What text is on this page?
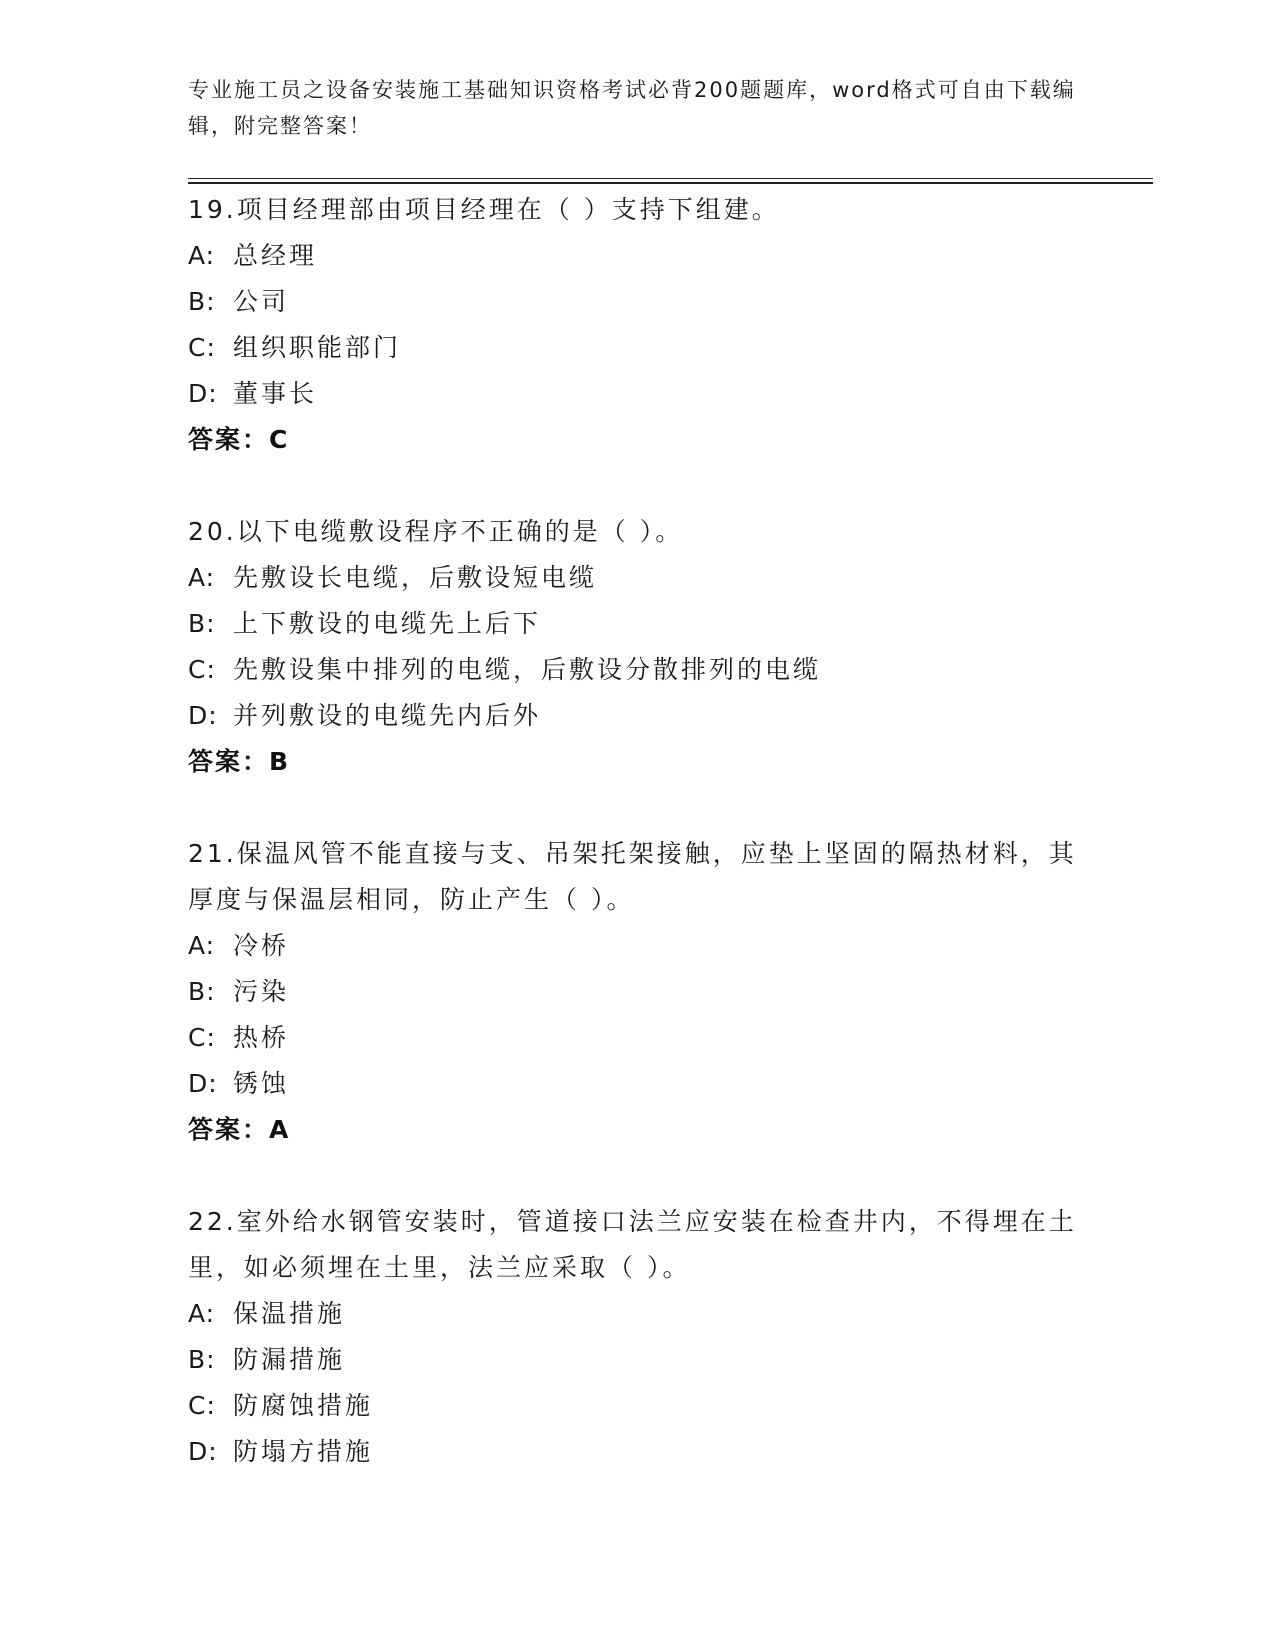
专业施工员之设备安装施工基础知识资格考试必背200题题库，word格式可自由下载编辑，附完整答案！
19.项目经理部由项目经理在（ ）支持下组建。
A: 总经理
B: 公司
C: 组织职能部门
D: 董事长
答案：C
20.以下电缆敷设程序不正确的是（ ）。
A: 先敷设长电缆，后敷设短电缆
B: 上下敷设的电缆先上后下
C: 先敷设集中排列的电缆，后敷设分散排列的电缆
D: 并列敷设的电缆先内后外
答案：B
21.保温风管不能直接与支、吊架托架接触，应垫上坚固的隔热材料，其厚度与保温层相同，防止产生（ ）。
A: 冷桥
B: 污染
C: 热桥
D: 锈蚀
答案：A
22.室外给水钢管安装时，管道接口法兰应安装在检查井内，不得埋在土里，如必须埋在土里，法兰应采取（ ）。
A: 保温措施
B: 防漏措施
C: 防腐蚀措施
D: 防塌方措施
